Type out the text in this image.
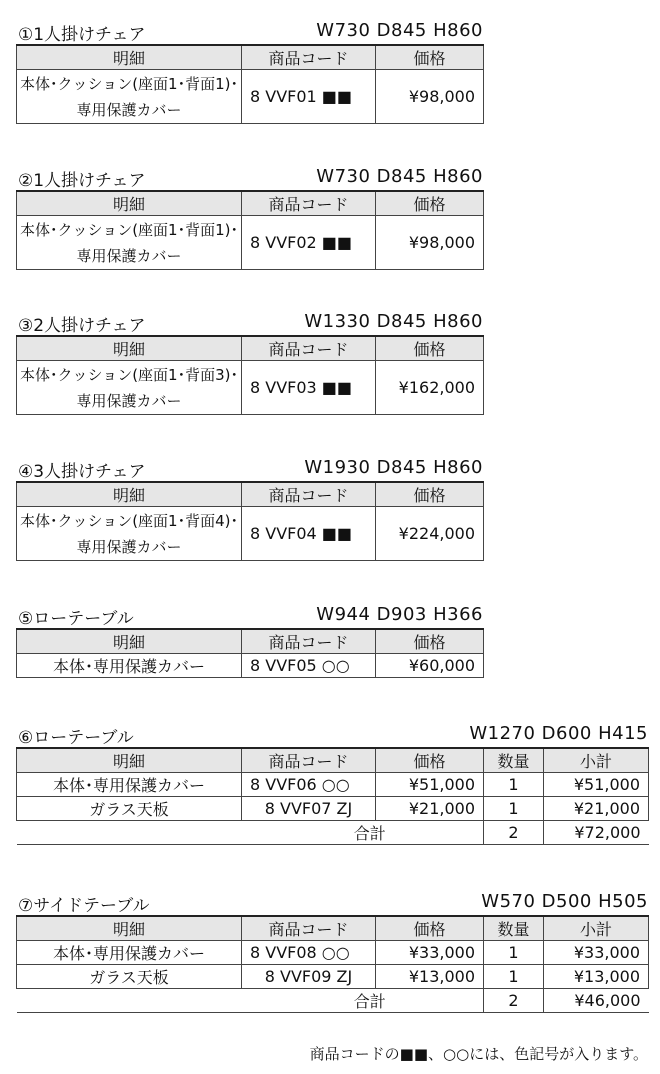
①1人掛けチェア	W730 D845 H860
明細	商品コード	価格
本体･クッション(座面1･背面1)･
専用保護カバー	8 VVF01 ■■	¥98,000
②1人掛けチェア	W730 D845 H860
明細	商品コード	価格
本体･クッション(座面1･背面1)･
専用保護カバー	8 VVF02 ■■	¥98,000
③2人掛けチェア	W1330 D845 H860
明細	商品コード	価格
本体･クッション(座面1･背面3)･
専用保護カバー	8 VVF03 ■■	¥162,000
④3人掛けチェア	W1930 D845 H860
明細	商品コード	価格
本体･クッション(座面1･背面4)･
専用保護カバー	8 VVF04 ■■	¥224,000
⑤ローテーブル	W944 D903 H366
明細	商品コード	価格
本体･専用保護カバー	8 VVF05 ○○	¥60,000
⑥ローテーブル	W1270 D600 H415
明細	商品コード	価格	数量	小計
本体･専用保護カバー	8 VVF06 ○○	¥51,000	1	¥51,000
ガラス天板	8 VVF07 ZJ	¥21,000	1	¥21,000
合計			2	¥72,000
⑦サイドテーブル	W570 D500 H505
明細	商品コード	価格	数量	小計
本体･専用保護カバー	8 VVF08 ○○	¥33,000	1	¥33,000
ガラス天板	8 VVF09 ZJ	¥13,000	1	¥13,000
合計			2	¥46,000
商品コードの■■、○○には、色記号が入ります。
